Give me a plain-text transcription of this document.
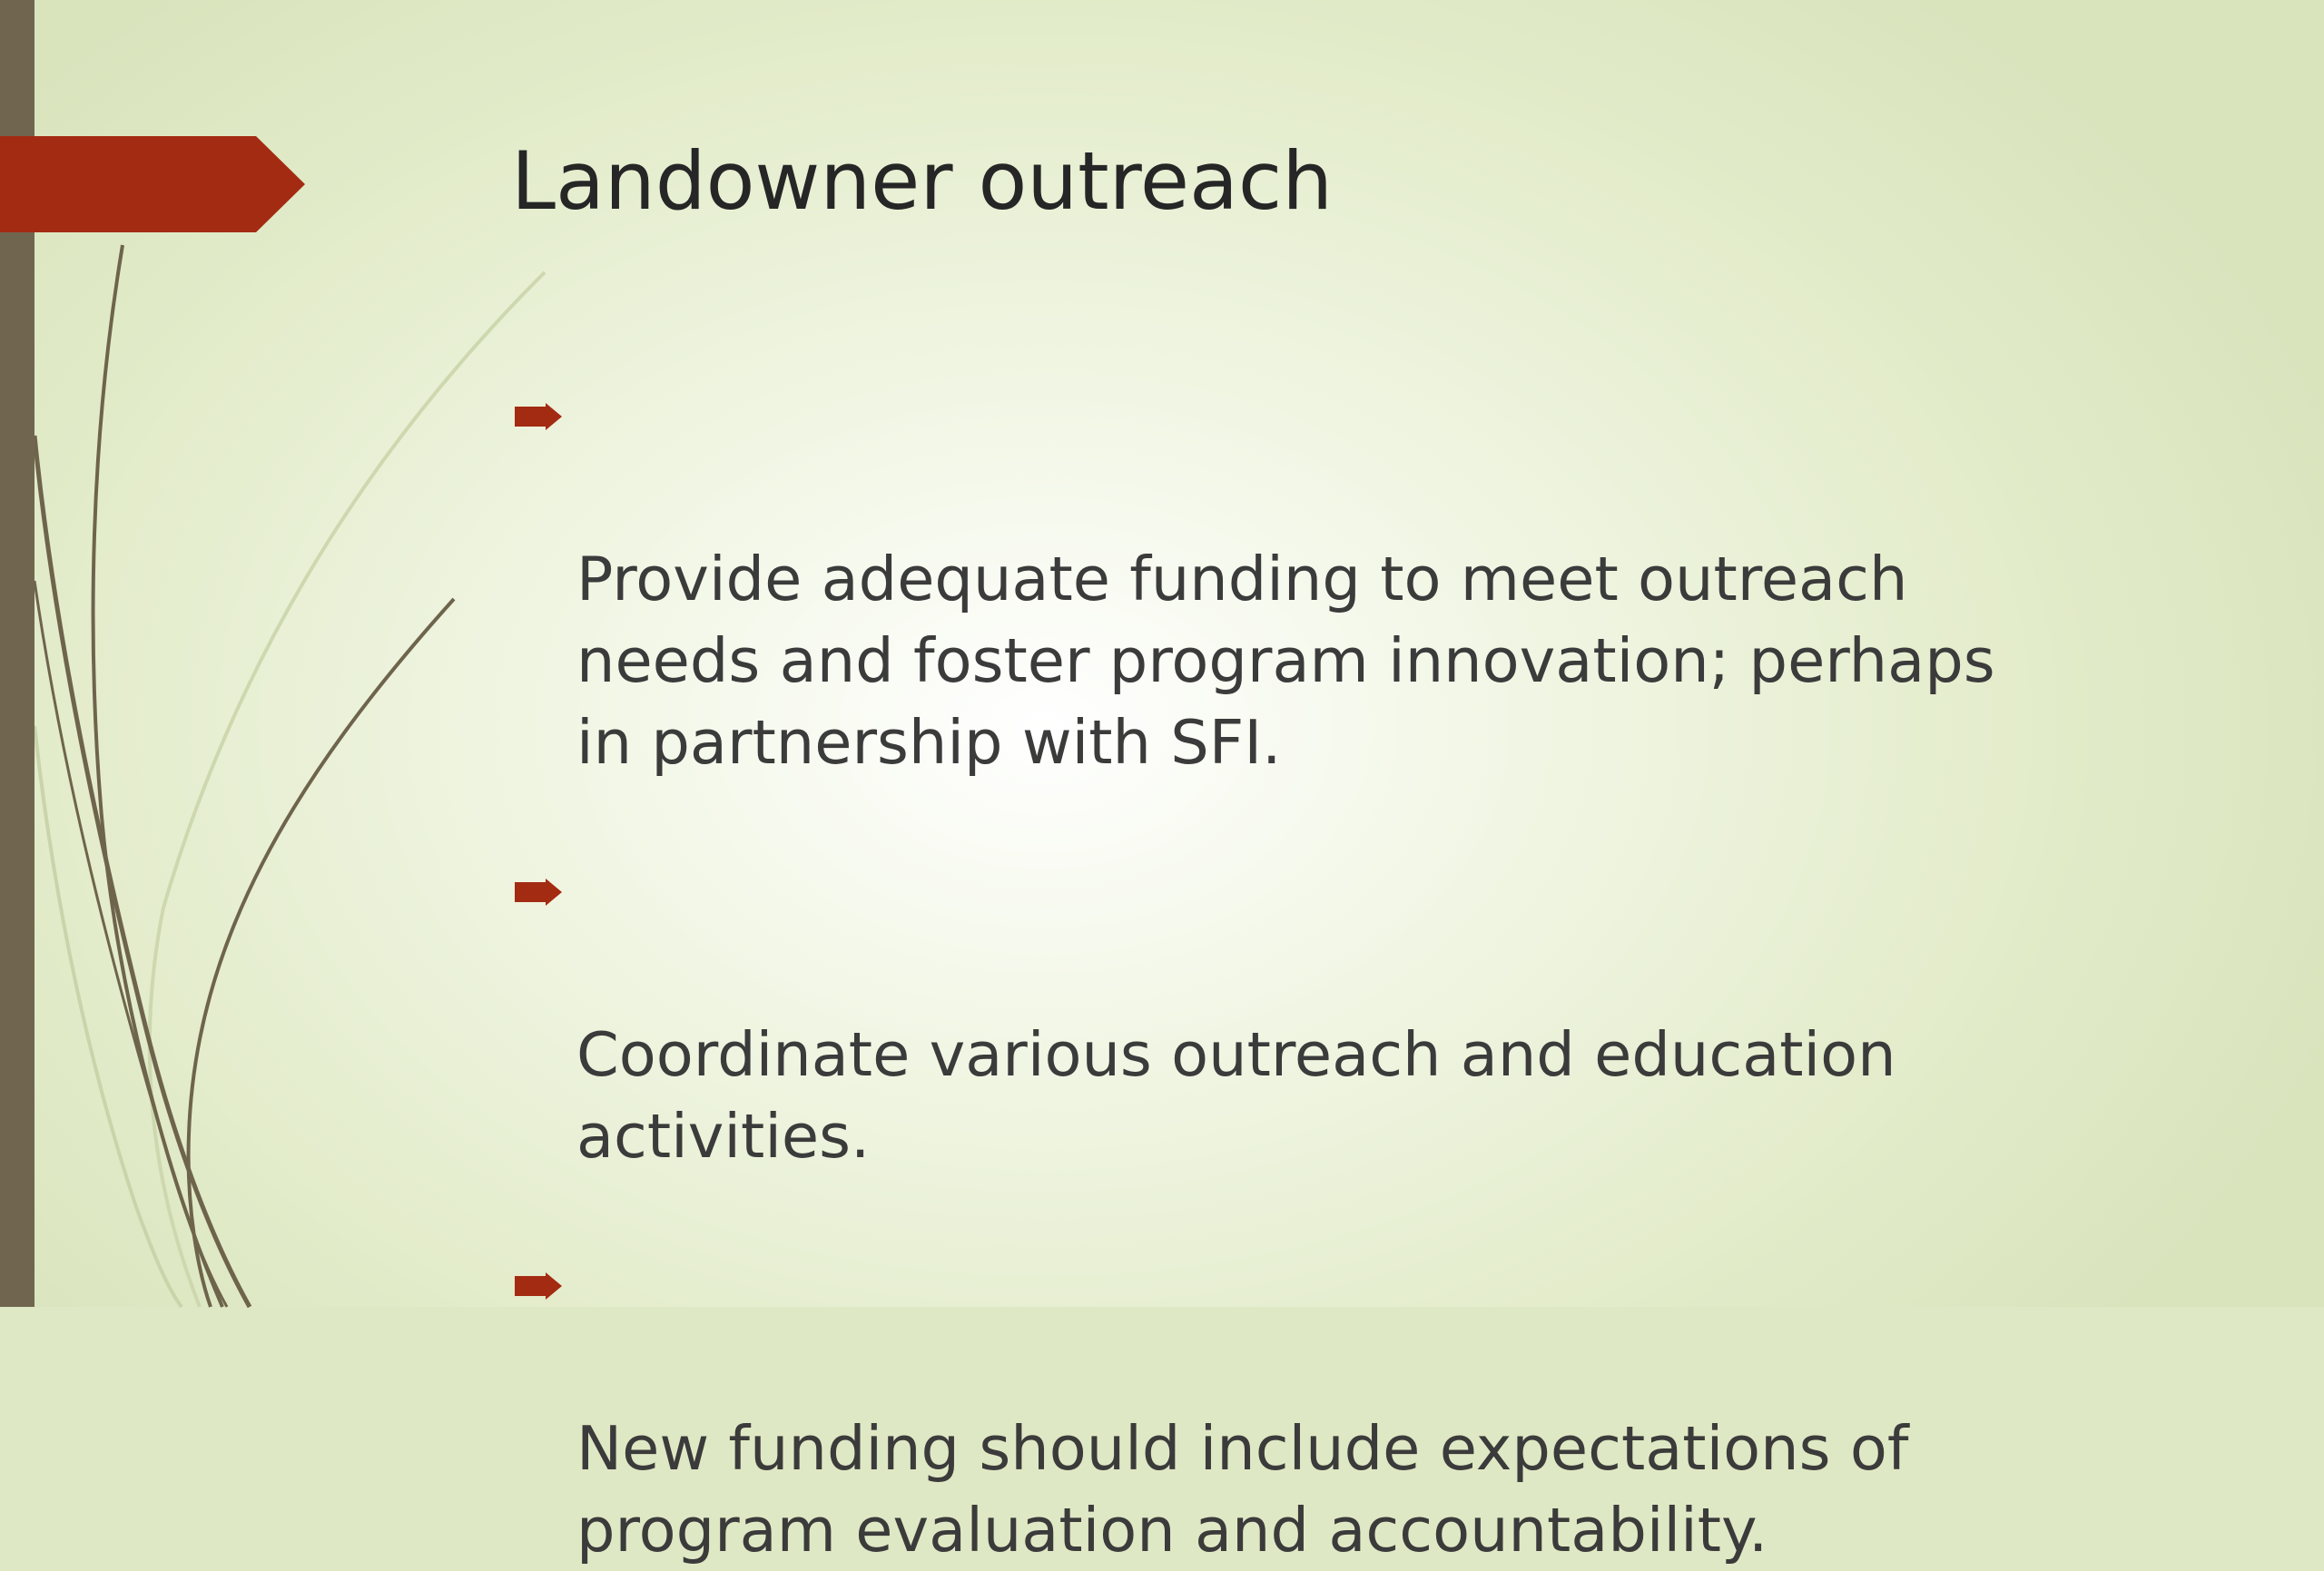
Landowner outreach

Provide adequate funding to meet outreach
needs and foster program innovation; perhaps
in partnership with SFI.

Coordinate various outreach and education
activities.

New funding should include expectations of
program evaluation and accountability.
